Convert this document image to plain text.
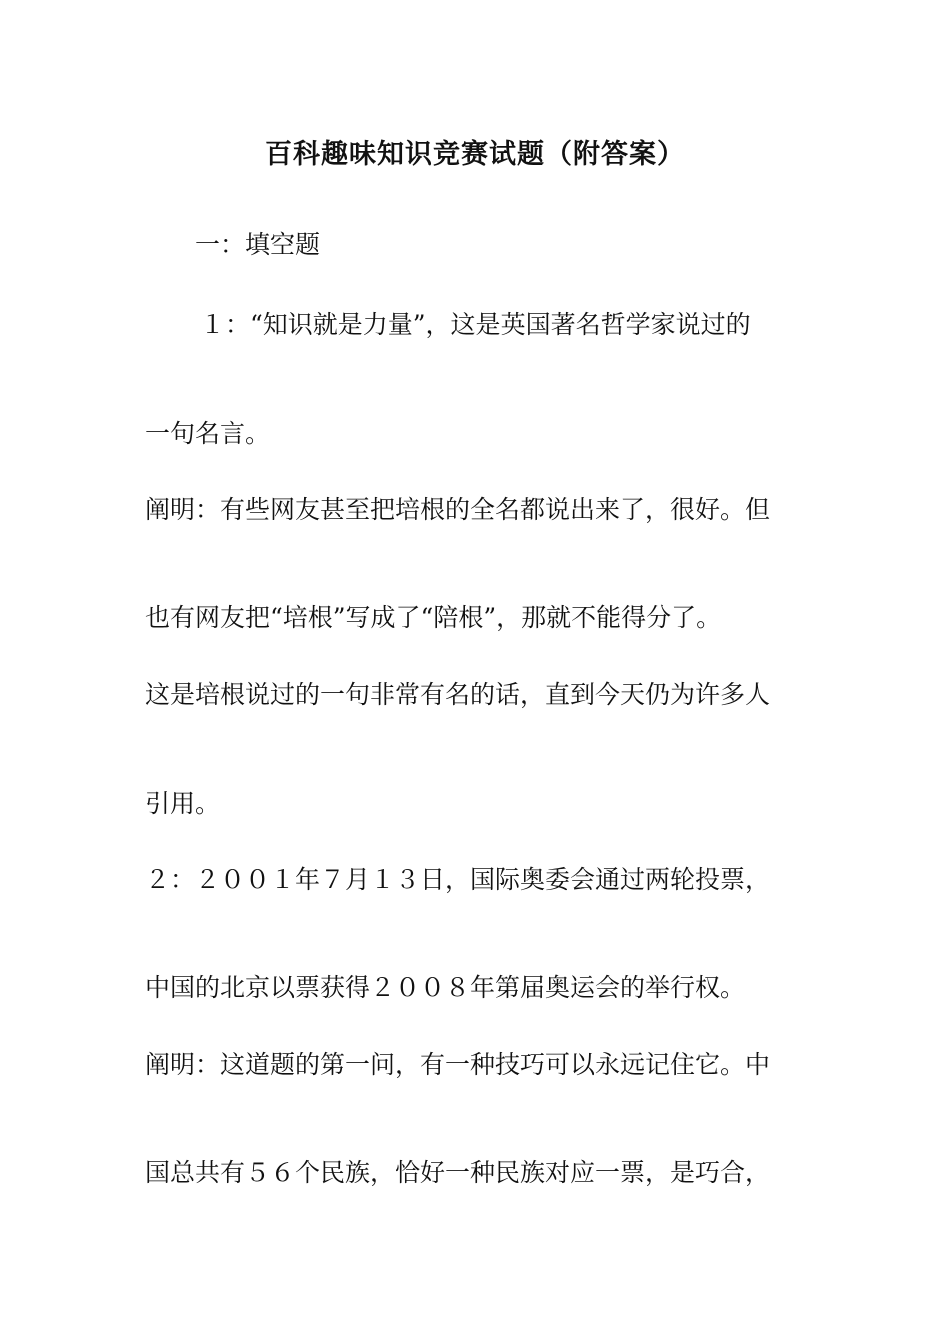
百科趣味知识竞赛试题（附答案）
一：填空题
１：“知识就是力量”，这是英国著名哲学家说过的
一句名言。
阐明：有些网友甚至把培根的全名都说出来了，很好。但
也有网友把“培根”写成了“陪根”，那就不能得分了。
这是培根说过的一句非常有名的话，直到今天仍为许多人
引用。
２：２００１年７月１３日，国际奥委会通过两轮投票，
中国的北京以票获得２００８年第届奥运会的举行权。
阐明：这道题的第一问，有一种技巧可以永远记住它。中
国总共有５６个民族，恰好一种民族对应一票，是巧合，
